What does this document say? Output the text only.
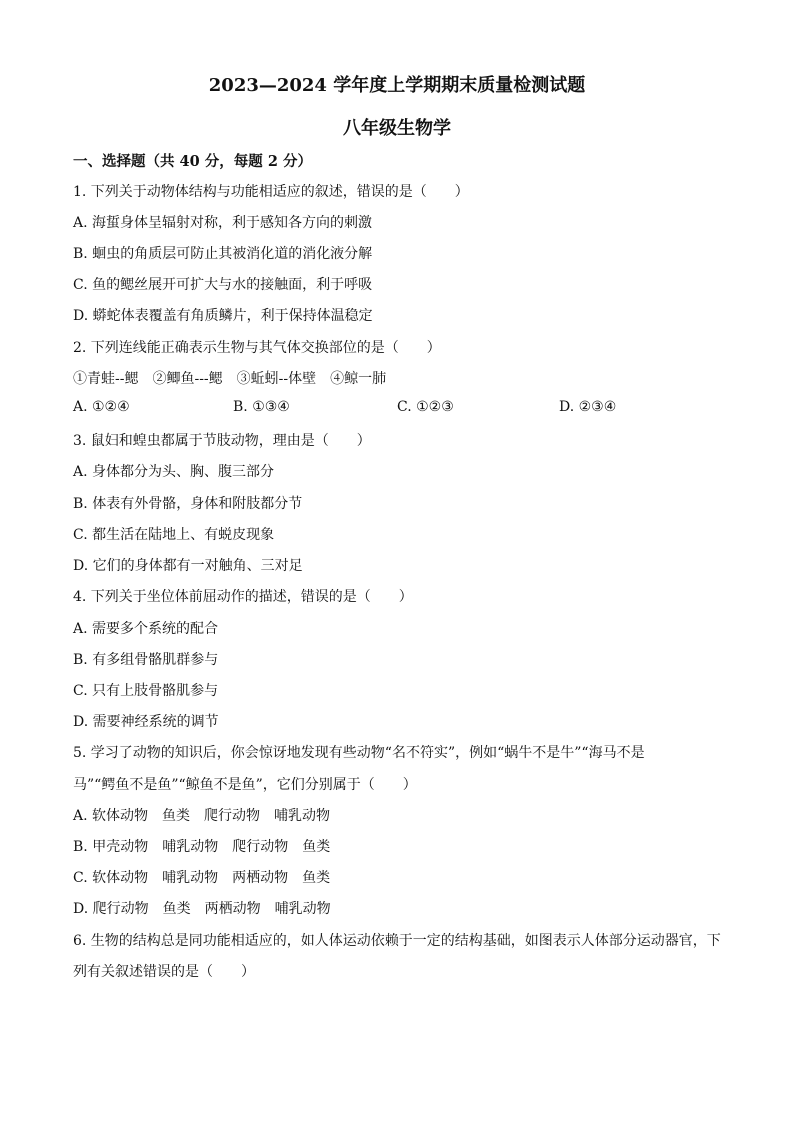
2023—2024 学年度上学期期末质量检测试题
八年级生物学
一、选择题（共 40 分，每题 2 分）
1. 下列关于动物体结构与功能相适应的叙述，错误的是（　　）
A. 海蜇身体呈辐射对称，利于感知各方向的刺激
B. 蛔虫的角质层可防止其被消化道的消化液分解
C. 鱼的鳃丝展开可扩大与水的接触面，利于呼吸
D. 蟒蛇体表覆盖有角质鳞片，利于保持体温稳定
2. 下列连线能正确表示生物与其气体交换部位的是（　　）
①青蛙--鳃　②鲫鱼---鳃　③蚯蚓--体壁　④鲸一肺
A. ①②④	B. ①③④	C. ①②③	D. ②③④
3. 鼠妇和蝗虫都属于节肢动物，理由是（　　）
A. 身体都分为头、胸、腹三部分
B. 体表有外骨骼，身体和附肢都分节
C. 都生活在陆地上、有蜕皮现象
D. 它们的身体都有一对触角、三对足
4. 下列关于坐位体前屈动作的描述，错误的是（　　）
A. 需要多个系统的配合
B. 有多组骨骼肌群参与
C. 只有上肢骨骼肌参与
D. 需要神经系统的调节
5. 学习了动物的知识后，你会惊讶地发现有些动物“名不符实”，例如“蜗牛不是牛”“海马不是
马”“鳄鱼不是鱼”“鲸鱼不是鱼”，它们分别属于（　　）
A. 软体动物　鱼类　爬行动物　哺乳动物
B. 甲壳动物　哺乳动物　爬行动物　鱼类
C. 软体动物　哺乳动物　两栖动物　鱼类
D. 爬行动物　鱼类　两栖动物　哺乳动物
6. 生物的结构总是同功能相适应的，如人体运动依赖于一定的结构基础，如图表示人体部分运动器官，下
列有关叙述错误的是（　　）
